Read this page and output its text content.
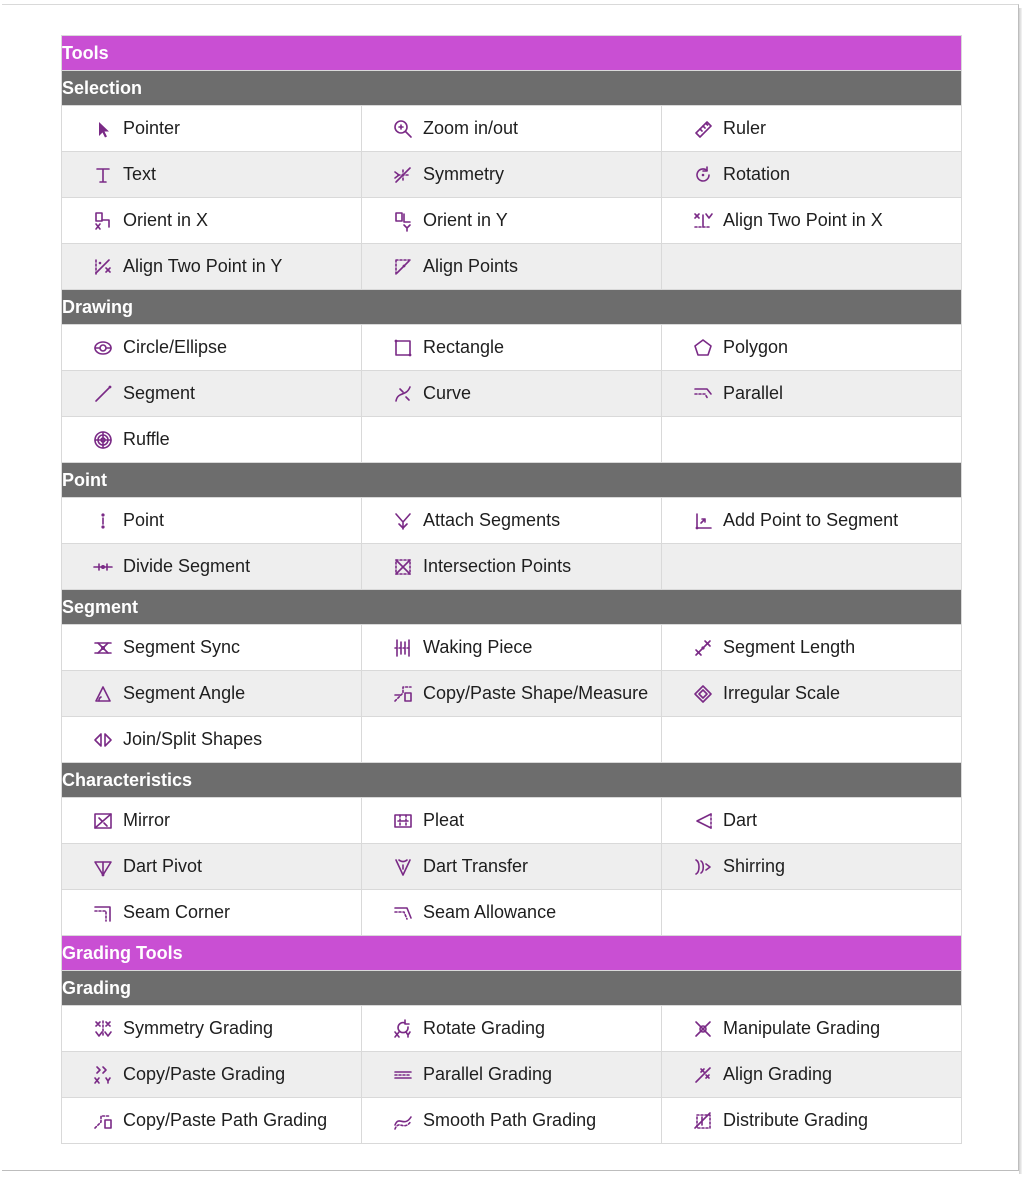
Tools		
Selection		

Pointer	Zoom in/out	Ruler

Text	Symmetry	Rotation

Orient in X	Orient in Y	Align Two Point in X

Align Two Point in Y	Align Points	

Drawing		

Circle/Ellipse	Rectangle	Polygon

Segment	Curve	Parallel

Ruffle		

Point		

Point	Attach Segments	Add Point to Segment

Divide Segment	Intersection Points	

Segment		

Segment Sync	Waking Piece	Segment Length

Segment Angle	Copy/Paste Shape/Measure	Irregular Scale

Join/Split Shapes		

Characteristics		

Mirror	Pleat	Dart

Dart Pivot	Dart Transfer	Shirring

Seam Corner	Seam Allowance	

Grading Tools		
Grading		

Symmetry Grading	Rotate Grading	Manipulate Grading

Copy/Paste Grading	Parallel Grading	Align Grading

Copy/Paste Path Grading	Smooth Path Grading	Distribute Grading
